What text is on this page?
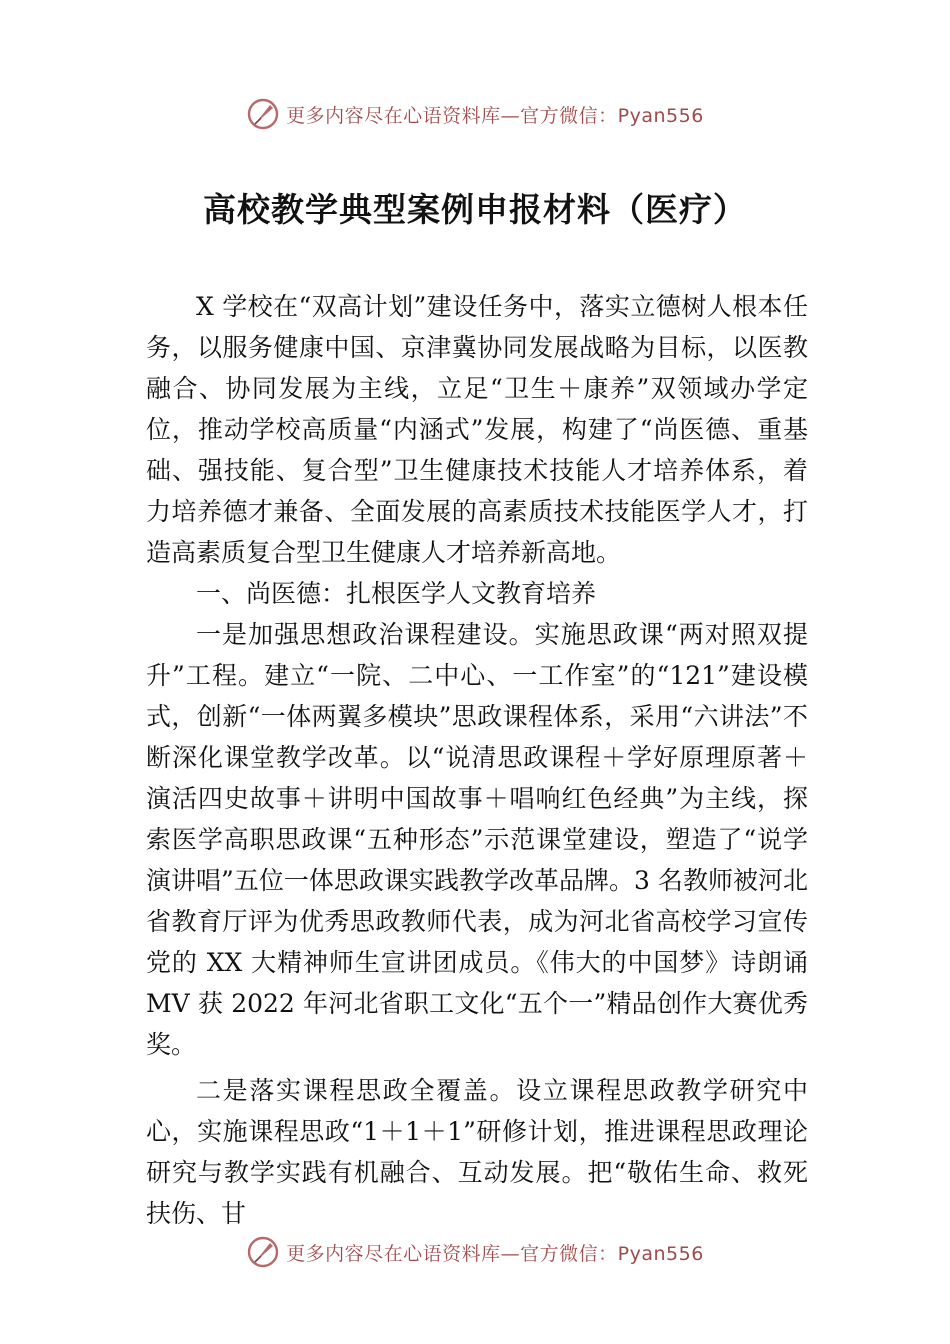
更多内容尽在心语资料库—官方微信：Pyan556
高校教学典型案例申报材料（医疗）

X 学校在“双高计划”建设任务中，落实立德树人根本任务，以服务健康中国、京津冀协同发展战略为目标，以医教融合、协同发展为主线，立足“卫生＋康养”双领域办学定位，推动学校高质量“内涵式”发展，构建了“尚医德、重基础、强技能、复合型”卫生健康技术技能人才培养体系，着力培养德才兼备、全面发展的高素质技术技能医学人才，打造高素质复合型卫生健康人才培养新高地。

一、尚医德：扎根医学人文教育培养

一是加强思想政治课程建设。实施思政课“两对照双提升”工程。建立“一院、二中心、一工作室”的“121”建设模式，创新“一体两翼多模块”思政课程体系，采用“六讲法”不断深化课堂教学改革。以“说清思政课程＋学好原理原著＋演活四史故事＋讲明中国故事＋唱响红色经典”为主线，探索医学高职思政课“五种形态”示范课堂建设，塑造了“说学演讲唱”五位一体思政课实践教学改革品牌。3 名教师被河北省教育厅评为优秀思政教师代表，成为河北省高校学习宣传党的 XX 大精神师生宣讲团成员。《伟大的中国梦》诗朗诵 MV 获 2022 年河北省职工文化“五个一”精品创作大赛优秀奖。

二是落实课程思政全覆盖。设立课程思政教学研究中心，实施课程思政“1＋1＋1”研修计划，推进课程思政理论研究与教学实践有机融合、互动发展。把“敬佑生命、救死扶伤、甘

更多内容尽在心语资料库—官方微信：Pyan556
